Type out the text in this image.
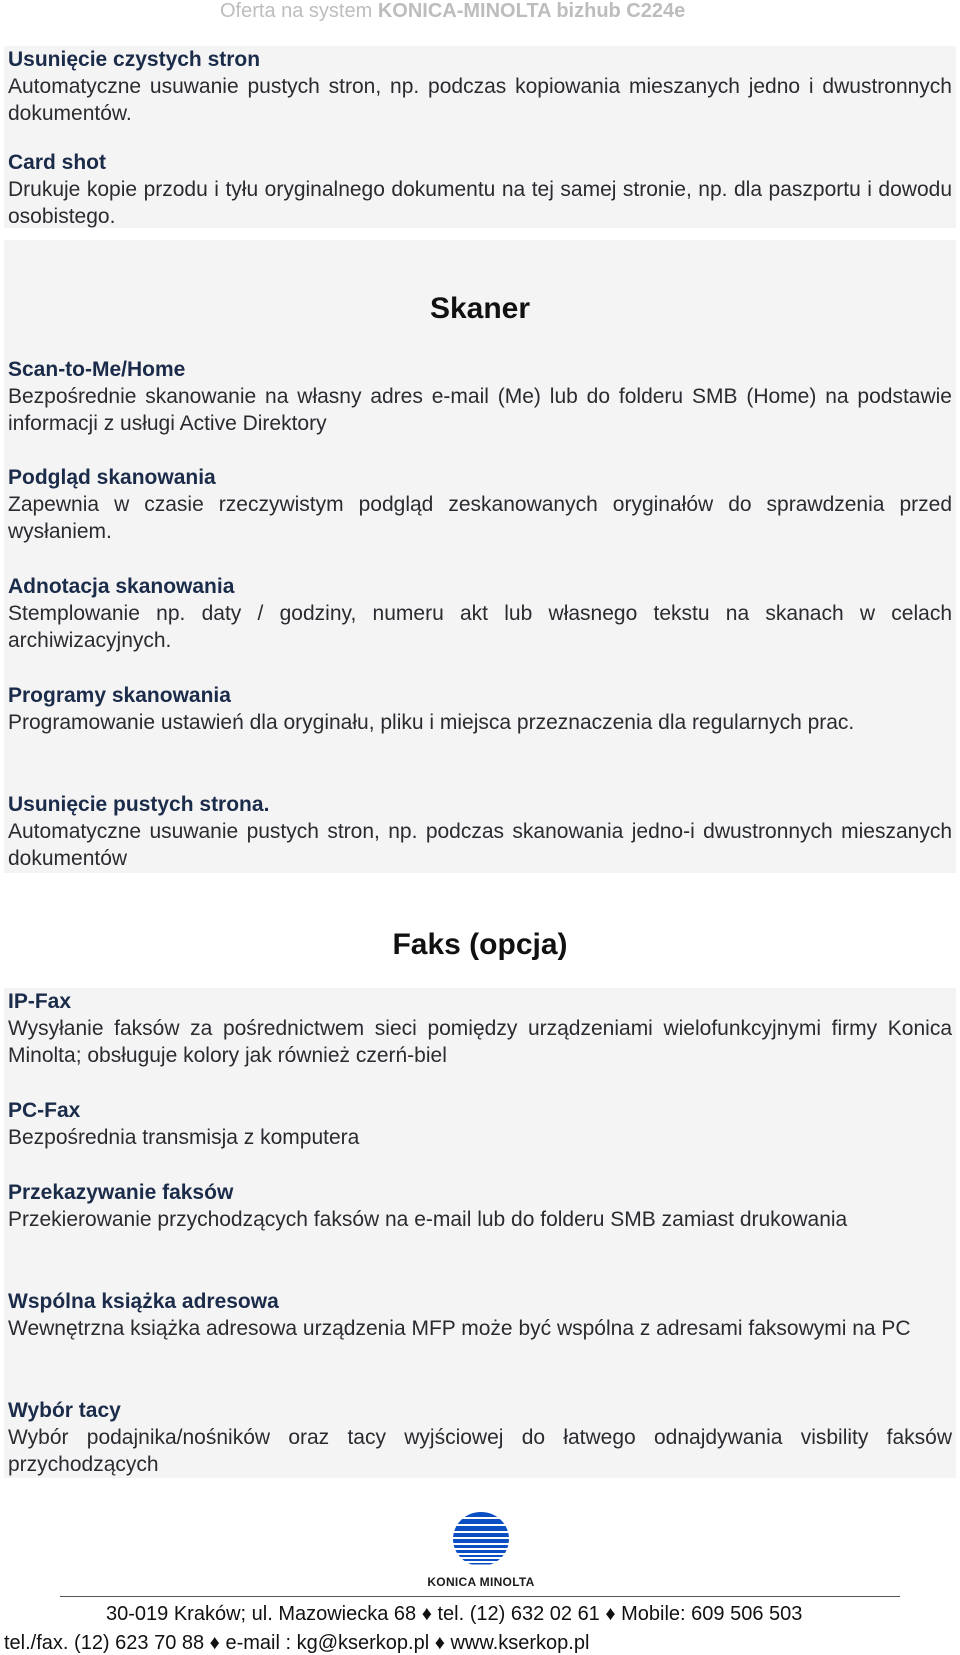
Oferta na system KONICA-MINOLTA bizhub C224e
Usunięcie czystych stron
Automatyczne usuwanie pustych stron, np. podczas kopiowania mieszanych jedno i dwustronnych dokumentów.
Card shot
Drukuje kopie przodu i tyłu oryginalnego dokumentu na tej samej stronie, np. dla paszportu i dowodu osobistego.
Skaner
Scan-to-Me/Home
Bezpośrednie skanowanie na własny adres e-mail (Me) lub do folderu SMB (Home) na podstawie informacji z usługi Active Direktory
Podgląd skanowania
Zapewnia w czasie rzeczywistym podgląd zeskanowanych oryginałów do sprawdzenia przed wysłaniem.
Adnotacja skanowania
Stemplowanie np. daty / godziny, numeru akt lub własnego tekstu na skanach w celach archiwizacyjnych.
Programy skanowania
Programowanie ustawień dla oryginału, pliku i miejsca przeznaczenia dla regularnych prac.
Usunięcie pustych strona.
Automatyczne usuwanie pustych stron, np. podczas skanowania jedno-i dwustronnych mieszanych dokumentów
Faks (opcja)
IP-Fax
Wysyłanie faksów za pośrednictwem sieci pomiędzy urządzeniami wielofunkcyjnymi firmy Konica Minolta; obsługuje kolory jak również czerń-biel
PC-Fax
Bezpośrednia transmisja z komputera
Przekazywanie faksów
Przekierowanie przychodzących faksów na e-mail lub do folderu SMB zamiast drukowania
Wspólna książka adresowa
Wewnętrzna książka adresowa urządzenia MFP może być wspólna z adresami faksowymi na PC
Wybór tacy
Wybór podajnika/nośników oraz tacy wyjściowej do łatwego odnajdywania visbility faksów przychodzących
KONICA MINOLTA
30-019 Kraków; ul. Mazowiecka 68 ♦ tel. (12) 632 02 61 ♦ Mobile: 609 506 503
tel./fax. (12) 623 70 88 ♦ e-mail : kg@kserkop.pl ♦ www.kserkop.pl
